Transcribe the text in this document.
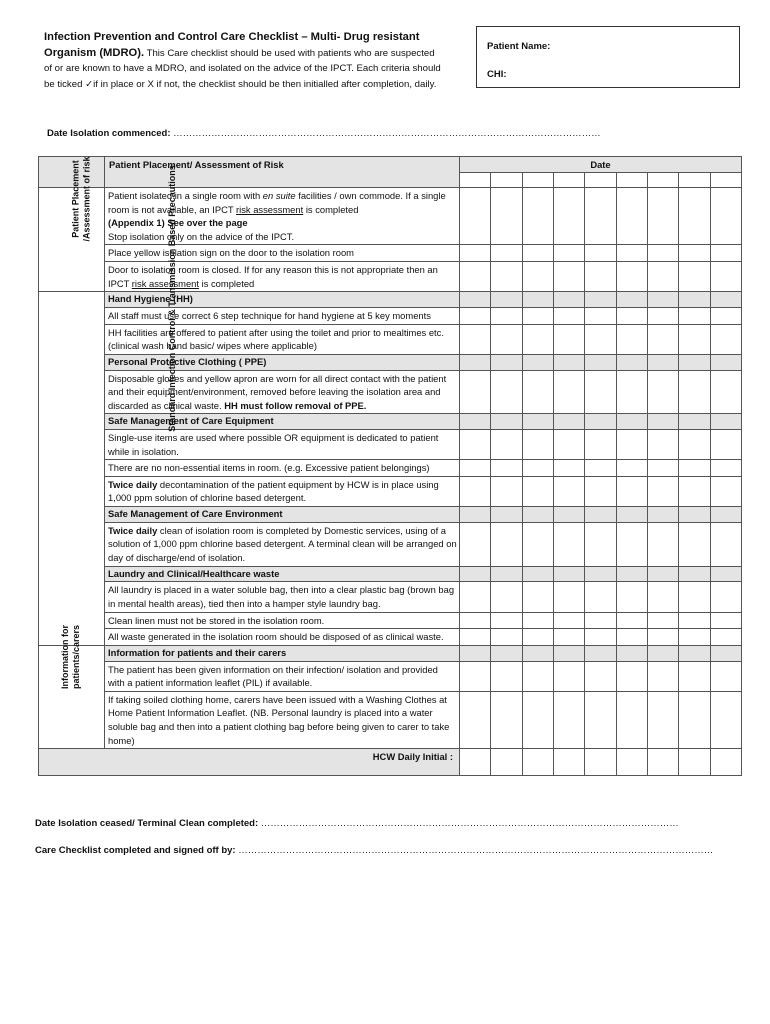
Infection Prevention and Control Care Checklist – Multi- Drug resistant Organism (MDRO). This Care checklist should be used with patients who are suspected of or are known to have a MDRO, and isolated on the advice of the IPCT. Each criteria should be ticked ✓if in place or X if not, the checklist should be then initialled after completion, daily.
Patient Name:
CHI:
Date Isolation commenced: ………………………………………………………………………………………………………………………
	Patient Placement/ Assessment of Risk	Date								

Patient Placement
/Assessment of risk	Patient isolated in a single room with en suite facilities / own commode. If a single room is not available, an IPCT risk assessment is completed
(Appendix 1) See over the page
Stop isolation only on the advice of the IPCT.									
	Place yellow isolation sign on the door to the isolation room									
	Door to isolation room is closed. If for any reason this is not appropriate then an IPCT risk assessment is completed									
Standard Infection Control & Transmission Based Precautions	Hand Hygiene (HH)									
	All staff must use correct 6 step technique for hand hygiene at 5 key moments									
	HH facilities are offered to patient after using the toilet and prior to mealtimes etc. (clinical wash hand basic/ wipes where applicable)									
	Personal Protective Clothing ( PPE)									
	Disposable gloves and yellow apron are worn for all direct contact with the patient and their equipment/environment, removed before leaving the isolation area and discarded as clinical waste. HH must follow removal of PPE.									
	Safe Management of Care Equipment									
	Single-use items are used where possible OR equipment is dedicated to patient while in isolation.									
	There are no non-essential items in room. (e.g. Excessive patient belongings)									
	Twice daily decontamination of the patient equipment by HCW is in place using 1,000 ppm solution of chlorine based detergent.									
	Safe Management of Care Environment									
	Twice daily clean of isolation room is completed by Domestic services, using of a solution of 1,000 ppm chlorine based detergent. A terminal clean will be arranged on day of discharge/end of isolation.									
	Laundry and Clinical/Healthcare waste									
	All laundry is placed in a water soluble bag, then into a clear plastic bag (brown bag in mental health areas), tied then into a hamper style laundry bag.									
	Clean linen must not be stored in the isolation room.									
	All waste generated in the isolation room should be disposed of as clinical waste.									
Information for
patients/carers	Information for patients and their carers									
	The patient has been given information on their infection/ isolation and provided with a patient information leaflet (PIL) if available.									
	If taking soiled clothing home, carers have been issued with a Washing Clothes at Home Patient Information Leaflet. (NB. Personal laundry is placed into a water soluble bag and then into a patient clothing bag before being given to carer to take home)									
HCW Daily Initial :										
Date Isolation ceased/ Terminal Clean completed: ……………………………………………………………………………………………………………………
Care Checklist completed and signed off by: ……………………………………………………………………………………………………………………………………
